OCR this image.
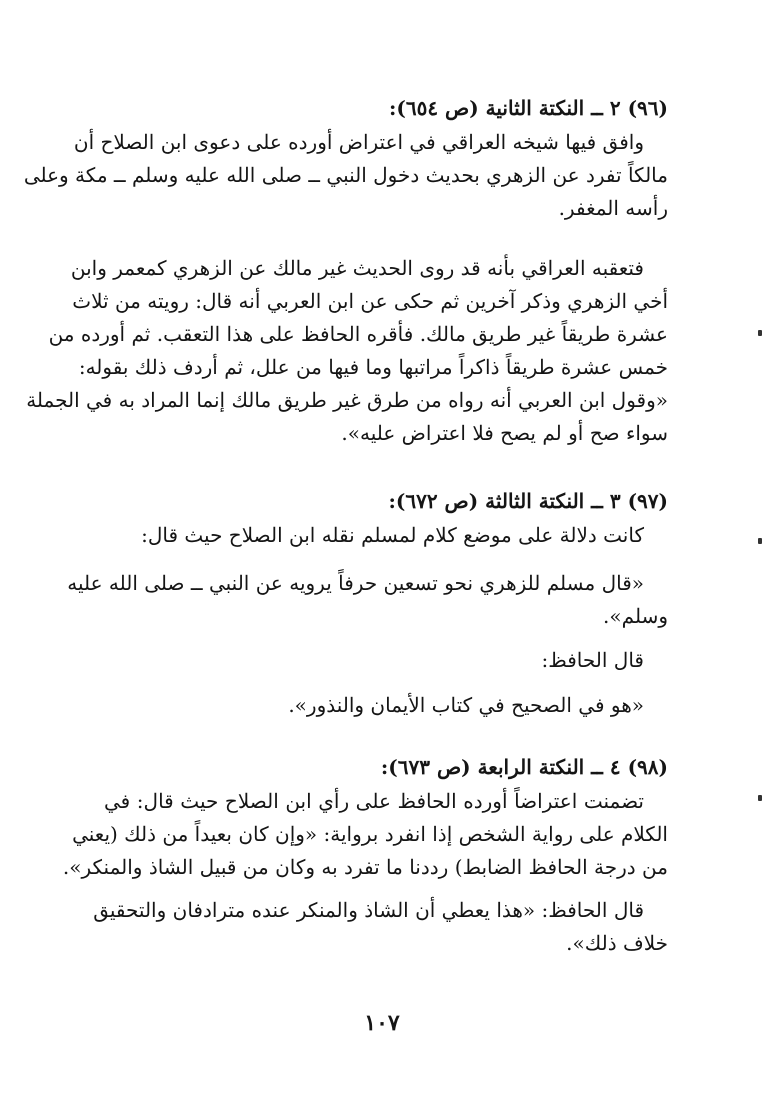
(٩٦) ٢ ــ النكتة الثانية (ص ٦٥٤):
وافق فيها شيخه العراقي في اعتراض أورده على دعوى ابن الصلاح أن
مالكاً تفرد عن الزهري بحديث دخول النبي ــ صلى الله عليه وسلم ــ مكة وعلى
رأسه المغفر.
فتعقبه العراقي بأنه قد روى الحديث غير مالك عن الزهري كمعمر وابن
أخي الزهري وذكر آخرين ثم حكى عن ابن العربي أنه قال: رويته من ثلاث
عشرة طريقاً غير طريق مالك. فأقره الحافظ على هذا التعقب. ثم أورده من
خمس عشرة طريقاً ذاكراً مراتبها وما فيها من علل، ثم أردف ذلك بقوله:
«وقول ابن العربي أنه رواه من طرق غير طريق مالك إنما المراد به في الجملة
سواء صح أو لم يصح فلا اعتراض عليه».
(٩٧) ٣ ــ النكتة الثالثة (ص ٦٧٢):
كانت دلالة على موضع كلام لمسلم نقله ابن الصلاح حيث قال:
«قال مسلم للزهري نحو تسعين حرفاً يرويه عن النبي ــ صلى الله عليه
وسلم».
قال الحافظ:
«هو في الصحيح في كتاب الأيمان والنذور».
(٩٨) ٤ ــ النكتة الرابعة (ص ٦٧٣):
تضمنت اعتراضاً أورده الحافظ على رأي ابن الصلاح حيث قال: في
الكلام على رواية الشخص إذا انفرد برواية: «وإن كان بعيداً من ذلك (يعني
من درجة الحافظ الضابط) رددنا ما تفرد به وكان من قبيل الشاذ والمنكر».
قال الحافظ: «هذا يعطي أن الشاذ والمنكر عنده مترادفان والتحقيق
خلاف ذلك».
١٠٧
